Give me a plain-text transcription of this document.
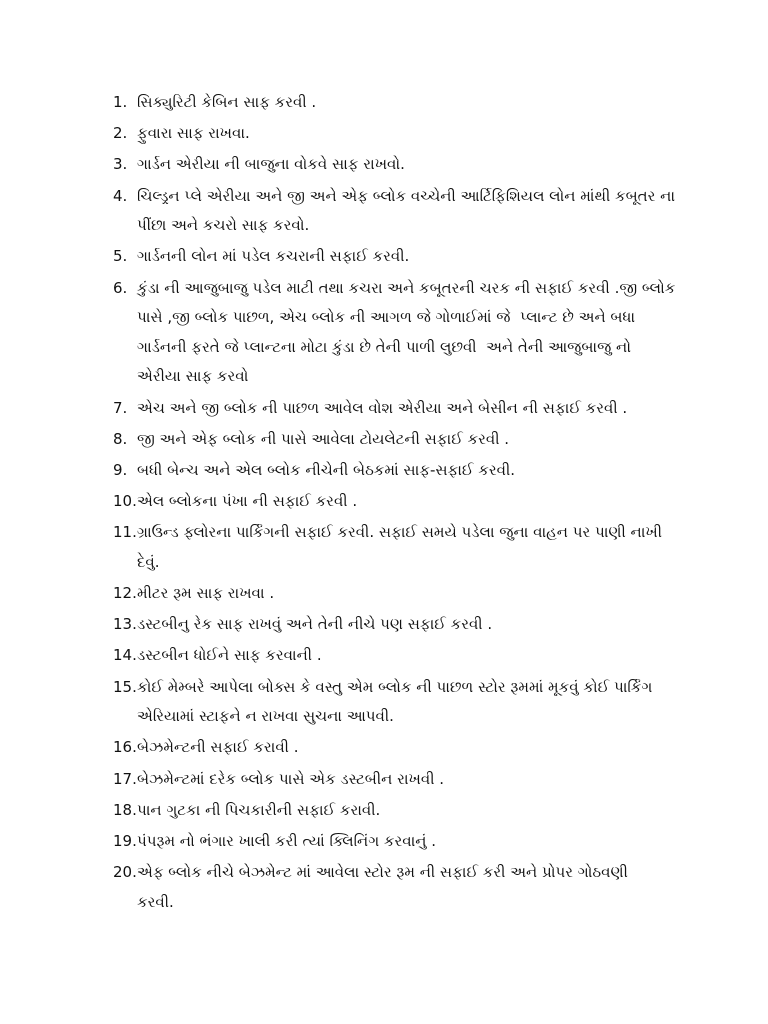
1. સિક્યુરિટી કેબિન સાફ કરવી .
2. ફુવારા સાફ રાખવા.
3. ગાર્ડન એરીયા ની બાજુના વોકવે સાફ રાખવો.
4. ચિલ્ડ્રન પ્લે એરીયા અને જી અને એફ બ્લોક વચ્ચેની આર્ટિફિશિયલ લોન માંથી કબૂતર ના
પીંછા અને કચરો સાફ કરવો.
5. ગાર્ડનની લોન માં પડેલ કચરાની સફાઈ કરવી.
6. કુંડા ની આજુબાજુ પડેલ માટી તથા કચરા અને કબૂતરની ચરક ની સફાઈ કરવી .જી બ્લોક
પાસે ,જી બ્લોક પાછળ, એચ બ્લોક ની આગળ જે ગોળાઈમાં જે  પ્લાન્ટ છે અને બધા
ગાર્ડનની ફરતે જે પ્લાન્ટના મોટા કુંડા છે તેની પાળી લુછવી  અને તેની આજુબાજુ નો
એરીયા સાફ કરવો
7. એચ અને જી બ્લોક ની પાછળ આવેલ વોશ એરીયા અને બેસીન ની સફાઈ કરવી .
8. જી અને એફ બ્લોક ની પાસે આવેલા ટોયલેટની સફાઈ કરવી .
9. બધી બેન્ચ અને એલ બ્લોક નીચેની બેઠકમાં સાફ-સફાઈ કરવી.
10. એલ બ્લોકના પંખા ની સફાઈ કરવી .
11. ગ્રાઉન્ડ ફ્લોરના પાર્કિંગની સફાઈ કરવી. સફાઈ સમયે પડેલા જુના વાહન પર પાણી નાખી
દેવું.
12. મીટર રૂમ સાફ રાખવા .
13. ડસ્ટબીનુ રેક સાફ રાખવું અને તેની નીચે પણ સફાઈ કરવી .
14. ડસ્ટબીન ધોઈને સાફ કરવાની .
15. કોઈ મેમ્બરે આપેલા બોક્સ કે વસ્તુ એમ બ્લોક ની પાછળ સ્ટોર રૂમમાં મૂકવું કોઈ પાર્કિંગ
એરિયામાં સ્ટાફને ન રાખવા સુચના આપવી.
16. બેઝમેન્ટની સફાઈ કરાવી .
17. બેઝમેન્ટમાં દરેક બ્લોક પાસે એક ડસ્ટબીન રાખવી .
18. પાન ગુટકા ની પિચકારીની સફાઈ કરાવી.
19. પંપરૂમ નો ભંગાર ખાલી કરી ત્યાં ક્લિનિંગ કરવાનું .
20. એફ બ્લોક નીચે બેઝમેન્ટ માં આવેલા સ્ટોર રૂમ ની સફાઈ કરી અને પ્રોપર ગોઠવણી
કરવી.
